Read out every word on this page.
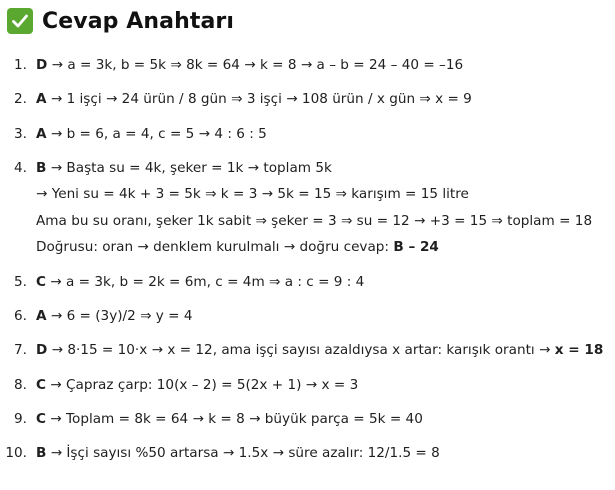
Cevap Anahtarı
1. D → a = 3k, b = 5k ⇒ 8k = 64 → k = 8 → a – b = 24 – 40 = –16
2. A → 1 işçi → 24 ürün / 8 gün ⇒ 3 işçi → 108 ürün / x gün ⇒ x = 9
3. A → b = 6, a = 4, c = 5 → 4 : 6 : 5
4. B → Başta su = 4k, şeker = 1k → toplam 5k
→ Yeni su = 4k + 3 = 5k ⇒ k = 3 → 5k = 15 ⇒ karışım = 15 litre
Ama bu su oranı, şeker 1k sabit ⇒ şeker = 3 ⇒ su = 12 → +3 = 15 ⇒ toplam = 18
Doğrusu: oran → denklem kurulmalı → doğru cevap: B – 24
5. C → a = 3k, b = 2k = 6m, c = 4m ⇒ a : c = 9 : 4
6. A → 6 = (3y)/2 ⇒ y = 4
7. D → 8·15 = 10·x → x = 12, ama işçi sayısı azaldıysa x artar: karışık orantı → x = 18
8. C → Çapraz çarp: 10(x – 2) = 5(2x + 1) → x = 3
9. C → Toplam = 8k = 64 → k = 8 → büyük parça = 5k = 40
10. B → İşçi sayısı %50 artarsa → 1.5x → süre azalır: 12/1.5 = 8
